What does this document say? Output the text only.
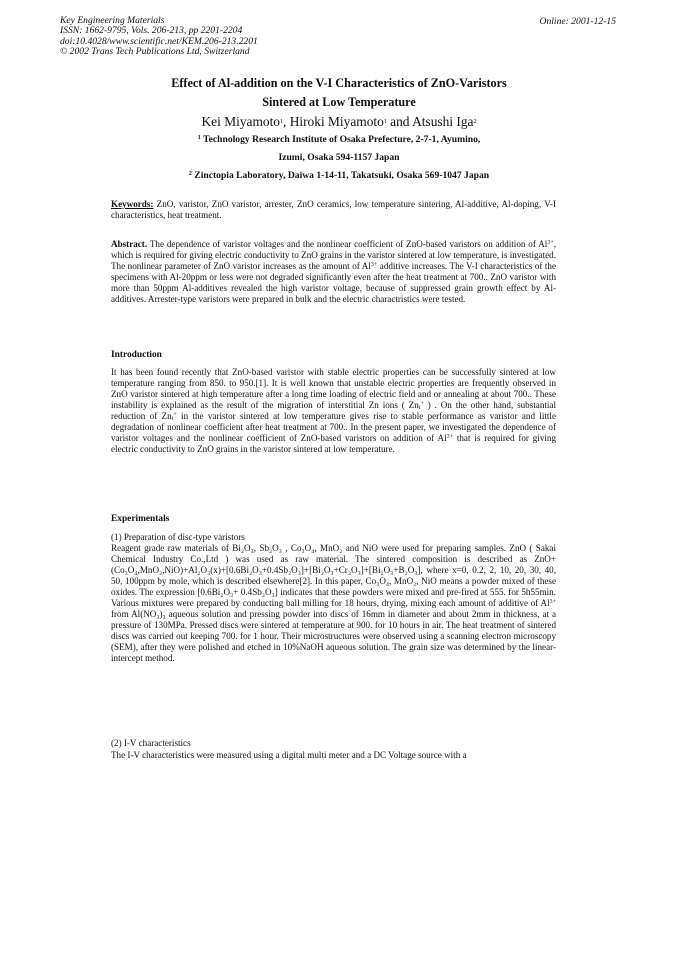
Key Engineering Materials
ISSN: 1662-9795, Vols. 206-213, pp 2201-2204
doi:10.4028/www.scientific.net/KEM.206-213.2201
© 2002 Trans Tech Publications Ltd, Switzerland
Online: 2001-12-15
Effect of Al-addition on the V-I Characteristics of ZnO-Varistors
Sintered at Low Temperature
Kei Miyamoto$^1$, Hiroki Miyamoto$^1$ and Atsushi Iga$^2$
$^1$ Technology Research Institute of Osaka Prefecture, 2-7-1, Ayumino,
Izumi, Osaka 594-1157 Japan
$^2$ Zinctopia Laboratory, Daiwa 1-14-11, Takatsuki, Osaka 569-1047 Japan
Keywords: ZnO, varistor, ZnO varistor, arrester, ZnO ceramics, low temperature sintering, Al-additive, Al-doping, V-I characteristics, heat treatment.
Abstract. The dependence of varistor voltages and the nonlinear coefficient of ZnO-based varistors on addition of $Al^{3+}$, which is required for giving electric conductivity to ZnO grains in the varistor sintered at low temperature, is investigated. The nonlinear parameter of ZnO varistor increases as the amount of $Al^{3+}$ additive increases. The V-I characteristics of the specimens with Al-20ppm or less were not degraded significantly even after the heat treatment at 700.. ZnO varistor with more than 50ppm Al-additives revealed the high varistor voltage, because of suppressed grain growth effect by Al-additives. Arrester-type varistors were prepared in bulk and the electric charactristics were tested.
Introduction
It has been found recently that ZnO-based varistor with stable electric properties can be successfully sintered at low temperature ranging from 850. to 950.[1]. It is well known that unstable electric properties are frequently observed in ZnO varistor sintered at high temperature after a long time loading of electric field and or annealing at about 700.. These instability is explained as the result of the migration of interstitial Zn ions ( $Zn_i^+$ ) . On the other hand, substantial reduction of $Zn_i^+$ in the varistor sintered at low temperature gives rise to stable performance as varistor and little degradation of nonlinear coefficient after heat treatment at 700.. In the present paper, we investigated the dependence of varistor voltages and the nonlinear coefficient of ZnO-based varistors on addition of $Al^{3+}$ that is required for giving electric conductivity to ZnO grains in the varistor sintered at low temperature.
Experimentals
(1) Preparation of disc-type varistors
Reagent grade raw materials of Bi₂O₃, Sb₂O₃ , Co₃O₄, MnO₂ and NiO were used for preparing samples. ZnO ( Sakai Chemical Industry Co.,Ltd ) was used as raw material. The sintered composition is described as ZnO+(Co₃O₄,MnO₂,NiO)+Al₂O₃(x)+[0.6Bi₂O₃+0.4Sb₂O₃]+[Bi₂O₃+Cr₂O₃]+[Bi₂O₃+B₂O₃], where x=0, 0.2, 2, 10, 20, 30, 40, 50, 100ppm by mole, which is described elsewhere[2]. In this paper, Co₃O₄, MnO₂, NiO means a powder mixed of these oxides. The expression [0.6Bi₂O₃+ 0.4Sb₂O₃] indicates that these powders were mixed and pre-fired at 555. for 5h55min. Various mixtures were prepared by conducting ball milling for 18 hours, drying, mixing each amount of additive of $Al^{3+}$ from Al(NO₃)₃ aqueous solution and pressing powder into discs of 16mm in diameter and about 2mm in thickness, at a pressure of 130MPa. Pressed discs were sintered at temperature at 900. for 10 hours in air. The heat treatment of sintered discs was carried out keeping 700. for 1 hour. Their microstructures were observed using a scanning electron microscopy (SEM), after they were polished and etched in 10%NaOH aqueous solution. The grain size was determined by the linear-intercept method.
(2) I-V characteristics
The I-V characteristics were measured using a digital multi meter and a DC Voltage source with a
